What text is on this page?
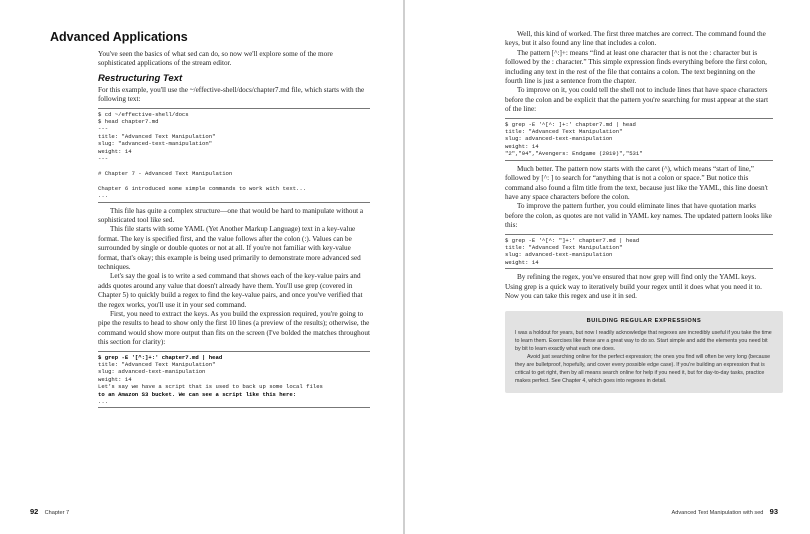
Advanced Applications

You've seen the basics of what sed can do, so now we'll explore some of the more sophisticated applications of the stream editor.

Restructuring Text

For this example, you'll use the ~/effective-shell/docs/chapter7.md file, which starts with the following text:

$ cd ~/effective-shell/docs
$ head chapter7.md
---
title: "Advanced Text Manipulation"
slug: "advanced-text-manipulation"
weight: 14
---

# Chapter 7 - Advanced Text Manipulation

Chapter 6 introduced some simple commands to work with text...
...

This file has quite a complex structure—one that would be hard to manipulate without a sophisticated tool like sed.

This file starts with some YAML (Yet Another Markup Language) text in a key-value format. The key is specified first, and the value follows after the colon (:). Values can be surrounded by single or double quotes or not at all. If you're not familiar with key-value format, that's okay; this example is being used primarily to demonstrate more advanced sed techniques.

Let's say the goal is to write a sed command that shows each of the key-value pairs and adds quotes around any value that doesn't already have them. You'll use grep (covered in Chapter 5) to quickly build a regex to find the key-value pairs, and once you've verified that the regex works, you'll use it in your sed command.

First, you need to extract the keys. As you build the expression required, you're going to pipe the results to head to show only the first 10 lines (a preview of the results); otherwise, the command would show more output than fits on the screen (I've bolded the matches throughout this section for clarity):

$ grep -E '[^:]+:' chapter7.md | head
title: "Advanced Text Manipulation"
slug: advanced-text-manipulation
weight: 14
Let's say we have a script that is used to back up some local files
to an Amazon S3 bucket. We can see a script like this here:
...
92 Chapter 7

Well, this kind of worked. The first three matches are correct. The command found the keys, but it also found any line that includes a colon.

The pattern [^:]+: means “find at least one character that is not the : character but is followed by the : character.” This simple expression finds everything before the first colon, including any text in the rest of the file that contains a colon. The text beginning on the fourth line is just a sentence from the chapter.

To improve on it, you could tell the shell not to include lines that have space characters before the colon and be explicit that the pattern you're searching for must appear at the start of the line:

$ grep -E '^[^: ]+:' chapter7.md | head
title: "Advanced Text Manipulation"
slug: advanced-text-manipulation
weight: 14
"2","94","Avengers: Endgame (2019)","531"

Much better. The pattern now starts with the caret (^), which means “start of line,” followed by [^: ] to search for “anything that is not a colon or space.” But notice this command also found a film title from the text, because just like the YAML, this line doesn't have any space characters before the colon.

To improve the pattern further, you could eliminate lines that have quotation marks before the colon, as quotes are not valid in YAML key names. The updated pattern looks like this:

$ grep -E '^[^: "]+:' chapter7.md | head
title: "Advanced Text Manipulation"
slug: advanced-text-manipulation
weight: 14

By refining the regex, you've ensured that now grep will find only the YAML keys. Using grep is a quick way to iteratively build your regex until it does what you need it to. Now you can take this regex and use it in sed.

BUILDING REGULAR EXPRESSIONS

I was a holdout for years, but now I readily acknowledge that regexes are incredibly useful if you take the time to learn them. Exercises like these are a great way to do so. Start simple and add the elements you need bit by bit to learn exactly what each one does.

Avoid just searching online for the perfect expression; the ones you find will often be very long (because they are bulletproof, hopefully, and cover every possible edge case). If you're building an expression that is critical to get right, then by all means search online for help if you need it, but for day-to-day tasks, practice makes perfect. See Chapter 4, which goes into regexes in detail.

Advanced Text Manipulation with sed 93
